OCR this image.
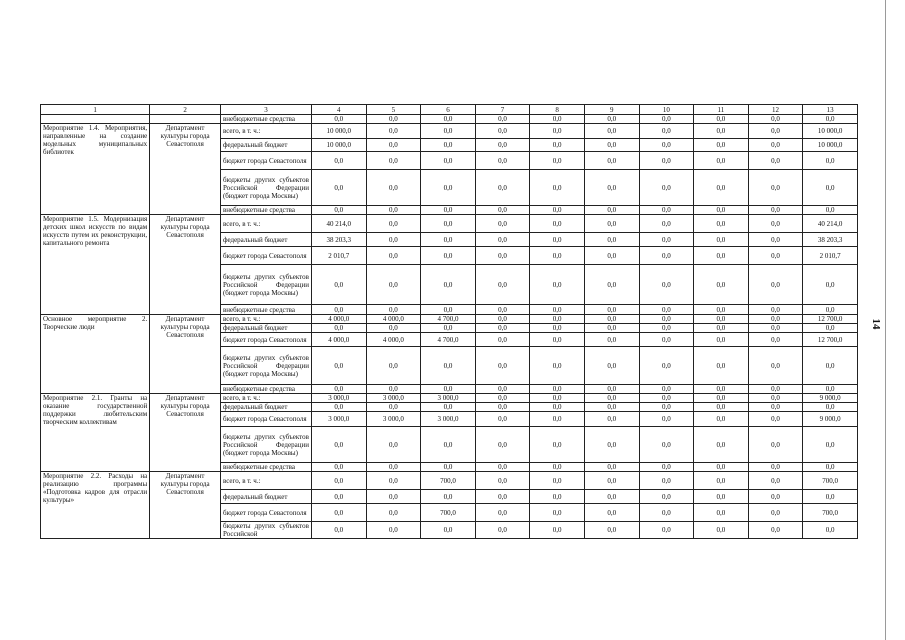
1	2	3	4	5	6	7	8	9	10	11	12	13
		внебюджетные средства	0,0	0,0	0,0	0,0	0,0	0,0	0,0	0,0	0,0	0,0
Мероприятие 1.4. Мероприятия, направленные на создание модельных муниципальных библиотек	Департамент культуры города Севастополя	всего, в т. ч.:	10 000,0	0,0	0,0	0,0	0,0	0,0	0,0	0,0	0,0	10 000,0
		федеральный бюджет	10 000,0	0,0	0,0	0,0	0,0	0,0	0,0	0,0	0,0	10 000,0
		бюджет города Севастополя	0,0	0,0	0,0	0,0	0,0	0,0	0,0	0,0	0,0	0,0
		бюджеты других субъектов Российской Федерации (бюджет города Москвы)	0,0	0,0	0,0	0,0	0,0	0,0	0,0	0,0	0,0	0,0
		внебюджетные средства	0,0	0,0	0,0	0,0	0,0	0,0	0,0	0,0	0,0	0,0
Мероприятие 1.5. Модернизация детских школ искусств по видам искусств путем их реконструкции, капитального ремонта	Департамент культуры города Севастополя	всего, в т. ч.:	40 214,0	0,0	0,0	0,0	0,0	0,0	0,0	0,0	0,0	40 214,0
		федеральный бюджет	38 203,3	0,0	0,0	0,0	0,0	0,0	0,0	0,0	0,0	38 203,3
		бюджет города Севастополя	2 010,7	0,0	0,0	0,0	0,0	0,0	0,0	0,0	0,0	2 010,7
		бюджеты других субъектов Российской Федерации (бюджет города Москвы)	0,0	0,0	0,0	0,0	0,0	0,0	0,0	0,0	0,0	0,0
		внебюджетные средства	0,0	0,0	0,0	0,0	0,0	0,0	0,0	0,0	0,0	0,0
Основное мероприятие 2. Творческие люди	Департамент культуры города Севастополя	всего, в т. ч.:	4 000,0	4 000,0	4 700,0	0,0	0,0	0,0	0,0	0,0	0,0	12 700,0
		федеральный бюджет	0,0	0,0	0,0	0,0	0,0	0,0	0,0	0,0	0,0	0,0
		бюджет города Севастополя	4 000,0	4 000,0	4 700,0	0,0	0,0	0,0	0,0	0,0	0,0	12 700,0
		бюджеты других субъектов Российской Федерации (бюджет города Москвы)	0,0	0,0	0,0	0,0	0,0	0,0	0,0	0,0	0,0	0,0
		внебюджетные средства	0,0	0,0	0,0	0,0	0,0	0,0	0,0	0,0	0,0	0,0
Мероприятие 2.1. Гранты на оказание государственной поддержки любительским творческим коллективам	Департамент культуры города Севастополя	всего, в т. ч.:	3 000,0	3 000,0	3 000,0	0,0	0,0	0,0	0,0	0,0	0,0	9 000,0
		федеральный бюджет	0,0	0,0	0,0	0,0	0,0	0,0	0,0	0,0	0,0	0,0
		бюджет города Севастополя	3 000,0	3 000,0	3 000,0	0,0	0,0	0,0	0,0	0,0	0,0	9 000,0
		бюджеты других субъектов Российской Федерации (бюджет города Москвы)	0,0	0,0	0,0	0,0	0,0	0,0	0,0	0,0	0,0	0,0
		внебюджетные средства	0,0	0,0	0,0	0,0	0,0	0,0	0,0	0,0	0,0	0,0
Мероприятие 2.2. Расходы на реализацию программы «Подготовка кадров для отрасли культуры»	Департамент культуры города Севастополя	всего, в т. ч.:	0,0	0,0	700,0	0,0	0,0	0,0	0,0	0,0	0,0	700,0
		федеральный бюджет	0,0	0,0	0,0	0,0	0,0	0,0	0,0	0,0	0,0	0,0
		бюджет города Севастополя	0,0	0,0	700,0	0,0	0,0	0,0	0,0	0,0	0,0	700,0
		бюджеты других субъектов Российской	0,0	0,0	0,0	0,0	0,0	0,0	0,0	0,0	0,0	0,0
14
